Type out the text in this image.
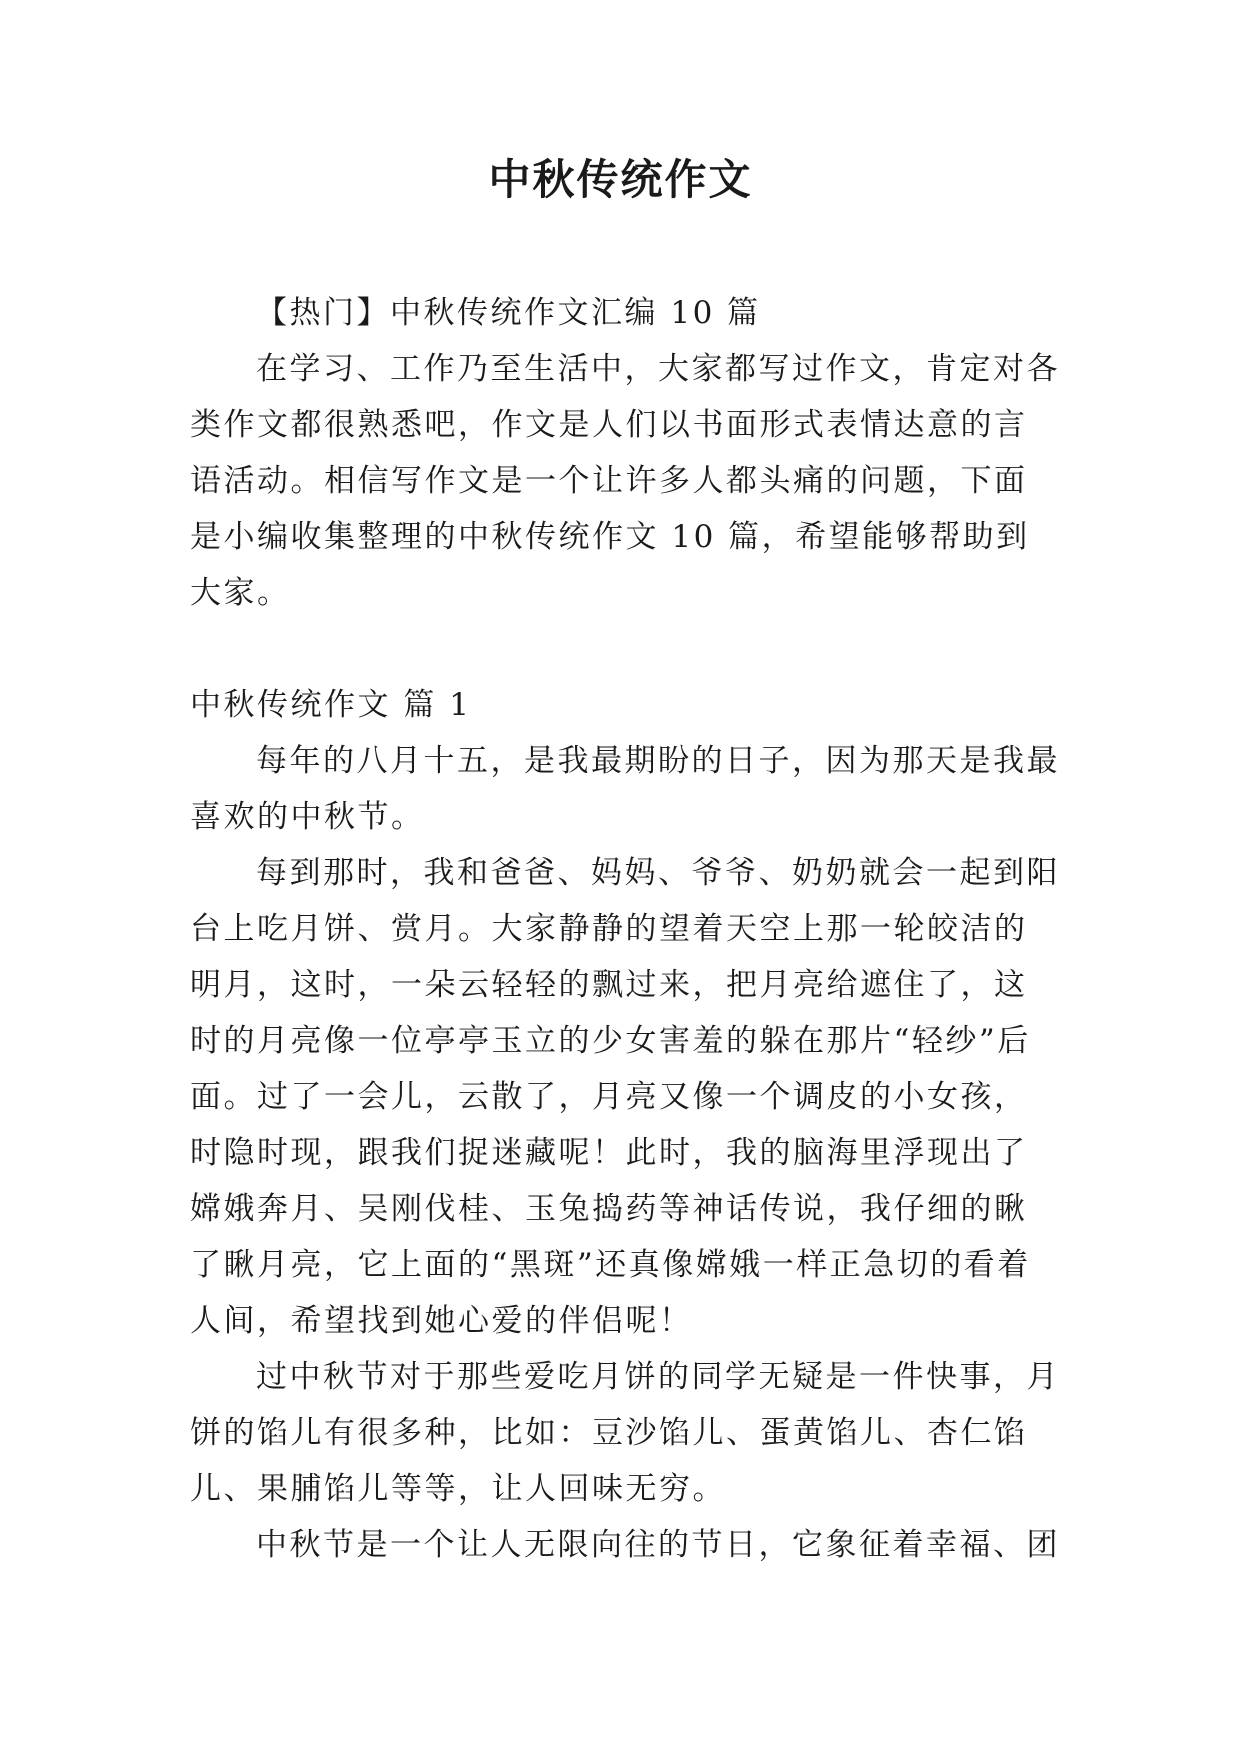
中秋传统作文

【热门】中秋传统作文汇编 10 篇

在学习、工作乃至生活中，大家都写过作文，肯定对各类作文都很熟悉吧，作文是人们以书面形式表情达意的言语活动。相信写作文是一个让许多人都头痛的问题，下面是小编收集整理的中秋传统作文 10 篇，希望能够帮助到大家。

中秋传统作文 篇 1

每年的八月十五，是我最期盼的日子，因为那天是我最喜欢的中秋节。

每到那时，我和爸爸、妈妈、爷爷、奶奶就会一起到阳台上吃月饼、赏月。大家静静的望着天空上那一轮皎洁的明月，这时，一朵云轻轻的飘过来，把月亮给遮住了，这时的月亮像一位亭亭玉立的少女害羞的躲在那片“轻纱”后面。过了一会儿，云散了，月亮又像一个调皮的小女孩，时隐时现，跟我们捉迷藏呢！此时，我的脑海里浮现出了嫦娥奔月、吴刚伐桂、玉兔捣药等神话传说，我仔细的瞅了瞅月亮，它上面的“黑斑”还真像嫦娥一样正急切的看着人间，希望找到她心爱的伴侣呢！

过中秋节对于那些爱吃月饼的同学无疑是一件快事，月饼的馅儿有很多种，比如：豆沙馅儿、蛋黄馅儿、杏仁馅儿、果脯馅儿等等，让人回味无穷。

中秋节是一个让人无限向往的节日，它象征着幸福、团
